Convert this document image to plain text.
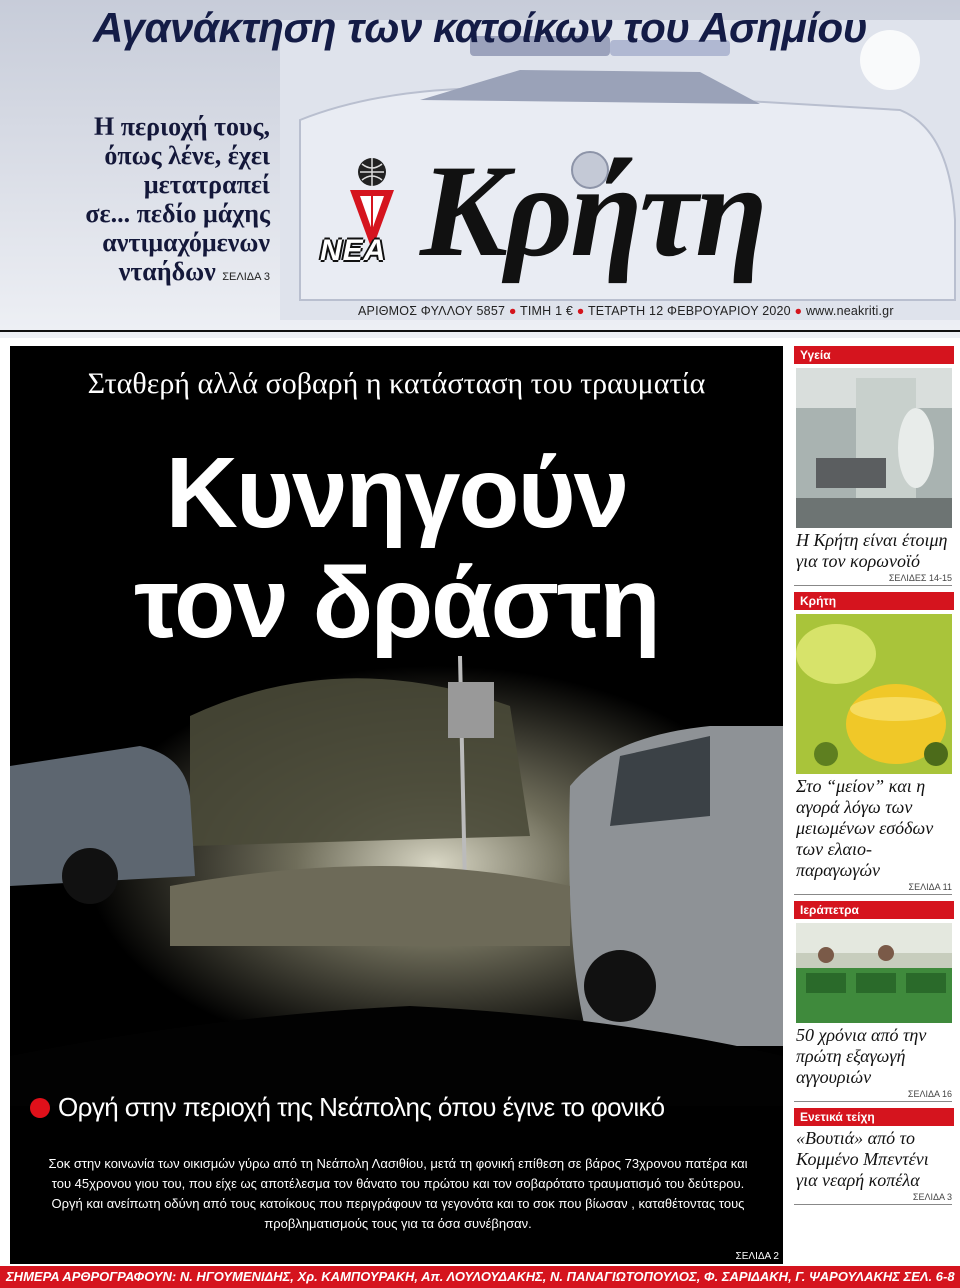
Αγανάκτηση των κατοίκων του Ασημίου

Η περιοχή τους,
όπως λένε, έχει
μετατραπεί
σε... πεδίο μάχης
αντιμαχόμενων
νταήδων ΣΕΛΙΔΑ 3

ΝΕΑ Κρήτη
ΑΡΙΘΜΟΣ ΦΥΛΛΟΥ 5857 ● ΤΙΜΗ 1 € ● ΤΕΤΑΡΤΗ 12 ΦΕΒΡΟΥΑΡΙΟΥ 2020 ● www.neakriti.gr

Σταθερή αλλά σοβαρή η κατάσταση του τραυματία

Κυνηγούν
τον δράστη

Οργή στην περιοχή της Νεάπολης όπου έγινε το φονικό

Σοκ στην κοινωνία των οικισμών γύρω από τη Νεάπολη Λασιθίου, μετά τη φονική επίθεση σε βάρος 73χρονου πατέρα και του 45χρονου γιου του, που είχε ως αποτέλεσμα τον θάνατο του πρώτου και τον σοβαρότατο τραυματισμό του δεύτερου. Οργή και ανείπωτη οδύνη από τους κατοίκους που περιγράφουν τα γεγονότα και το σοκ που βίωσαν , καταθέτοντας τους προβληματισμούς τους για τα όσα συνέβησαν.

ΣΕΛΙΔΑ 2

Υγεία

Η Κρήτη είναι έτοιμη για τον κορωνοϊό

ΣΕΛΙΔΕΣ 14-15

Κρήτη

Στο “μείον” και η αγορά λόγω των μειωμένων εσόδων των ελαιο-παραγωγών

ΣΕΛΙΔΑ 11

Ιεράπετρα

50 χρόνια από την πρώτη εξαγωγή αγγουριών

ΣΕΛΙΔΑ 16

Ενετικά τείχη

«Βουτιά» από το Κομμένο Μπεντένι για νεαρή κοπέλα

ΣΕΛΙΔΑ 3

ΣΗΜΕΡΑ ΑΡΘΡΟΓΡΑΦΟΥΝ: Ν. ΗΓΟΥΜΕΝΙΔΗΣ, Χρ. ΚΑΜΠΟΥΡΑΚΗ, Απ. ΛΟΥΛΟΥΔΑΚΗΣ, Ν. ΠΑΝΑΓΙΩΤΟΠΟΥΛΟΣ, Φ. ΣΑΡΙΔΑΚΗ, Γ. ΨΑΡΟΥΛΑΚΗΣ ΣΕΛ. 6-8
